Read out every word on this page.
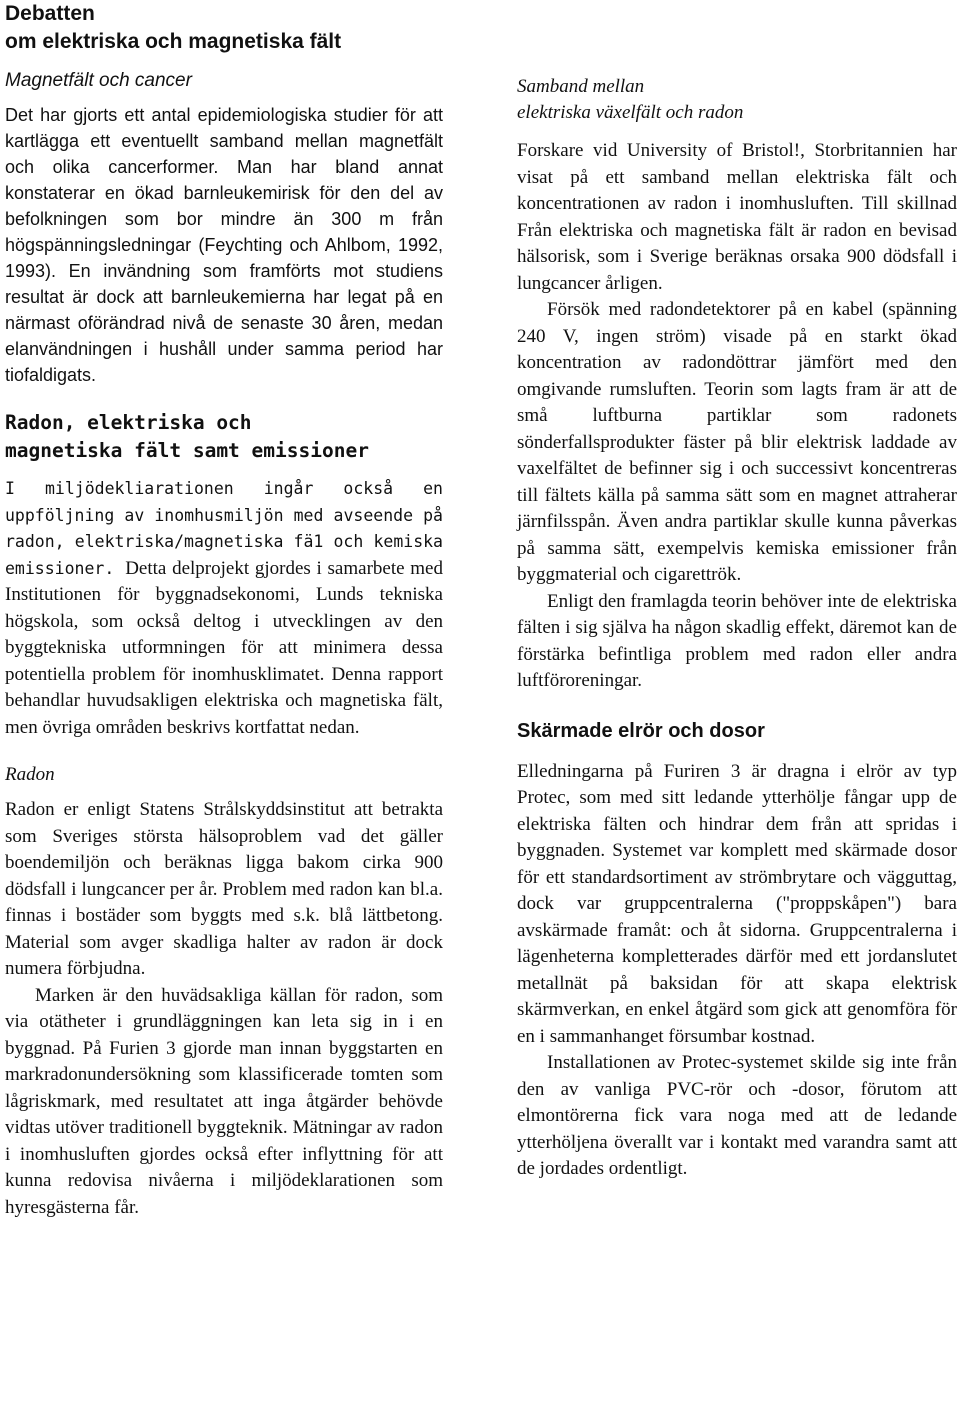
Debatten
om elektriska och magnetiska fält

Magnetfält och cancer

Det har gjorts ett antal epidemiologiska studier för att kartlägga ett eventuellt samband mellan magnetfält och olika cancerformer. Man har bland annat konstaterar en ökad barnleukemirisk för den del av befolkningen som bor mindre än 300 m från högspänningsledningar (Feychting och Ahlbom, 1992, 1993). En invändning som framförts mot studiens resultat är dock att barnleukemierna har legat på en närmast oförändrad nivå de senaste 30 åren, medan elanvändningen i hushåll under samma period har tiofaldigats.

Radon, elektriska och
magnetiska fält samt emissioner

I miljödekliarationen ingår också en uppföljning av inomhusmiljön med avseende på radon, elektriska/magnetiska fä1 och kemiska emissioner. Detta delprojekt gjordes i samarbete med Institutionen för byggnadsekonomi, Lunds tekniska högskola, som också deltog i utvecklingen av den byggtekniska utformningen för att minimera dessa potentiella problem för inomhusklimatet. Denna rapport behandlar huvudsakligen elektriska och magnetiska fält, men övriga områden beskrivs kortfattat nedan.

Radon

Radon er enligt Statens Strålskyddsinstitut att betrakta som Sveriges största hälsoproblem vad det gäller boendemiljön och beräknas ligga bakom cirka 900 dödsfall i lungcancer per år. Problem med radon kan bl.a. finnas i bostäder som byggts med s.k. blå lättbetong. Material som avger skadliga halter av radon är dock numera förbjudna.

Marken är den huvädsakliga källan för radon, som via otätheter i grundläggningen kan leta sig in i en byggnad. På Furien 3 gjorde man innan byggstarten en markradonundersökning som klassificerade tomten som lågriskmark, med resultatet att inga åtgärder behövde vidtas utöver traditionell byggteknik. Mätningar av radon i inomhusluften gjordes också efter inflyttning för att kunna redovisa nivåerna i miljödeklarationen som hyresgästerna får.

Samband mellan
elektriska växelfält och radon

Forskare vid University of Bristol!, Storbritannien har visat på ett samband mellan elektriska fält och koncentrationen av radon i inomhusluften. Till skillnad Från elektriska och magnetiska fält är radon en bevisad hälsorisk, som i Sverige beräknas orsaka 900 dödsfall i lungcancer årligen.

Försök med radondetektorer på en kabel (spänning 240 V, ingen ström) visade på en starkt ökad koncentration av radondöttrar jämfört med den omgivande rumsluften. Teorin som lagts fram är att de små luftburna partiklar som radonets sönderfallsprodukter fäster på blir elektrisk laddade av vaxelfältet de befinner sig i och successivt koncentreras till fältets källa på samma sätt som en magnet attraherar järnfilsspån. Även andra partiklar skulle kunna påverkas på samma sätt, exempelvis kemiska emissioner från byggmaterial och cigarettrök.

Enligt den framlagda teorin behöver inte de elektriska fälten i sig själva ha någon skadlig effekt, däremot kan de förstärka befintliga problem med radon eller andra luftföroreningar.

Skärmade elrör och dosor

Elledningarna på Furiren 3 är dragna i elrör av typ Protec, som med sitt ledande ytterhölje fångar upp de elektriska fälten och hindrar dem från att spridas i byggnaden. Systemet var komplett med skärmade dosor för ett standardsortiment av strömbrytare och vägguttag, dock var gruppcentralerna ("proppskåpen") bara avskärmade framåt: och åt sidorna. Gruppcentralerna i lägenheterna kompletterades därför med ett jordanslutet metallnät på baksidan för att skapa elektrisk skärmverkan, en enkel åtgärd som gick att genomföra för en i sammanhanget försumbar kostnad.

Installationen av Protec-systemet skilde sig inte från den av vanliga PVC-rör och -dosor, förutom att elmontörerna fick vara noga med att de ledande ytterhöljena överallt var i kontakt med varandra samt att de jordades ordentligt.
